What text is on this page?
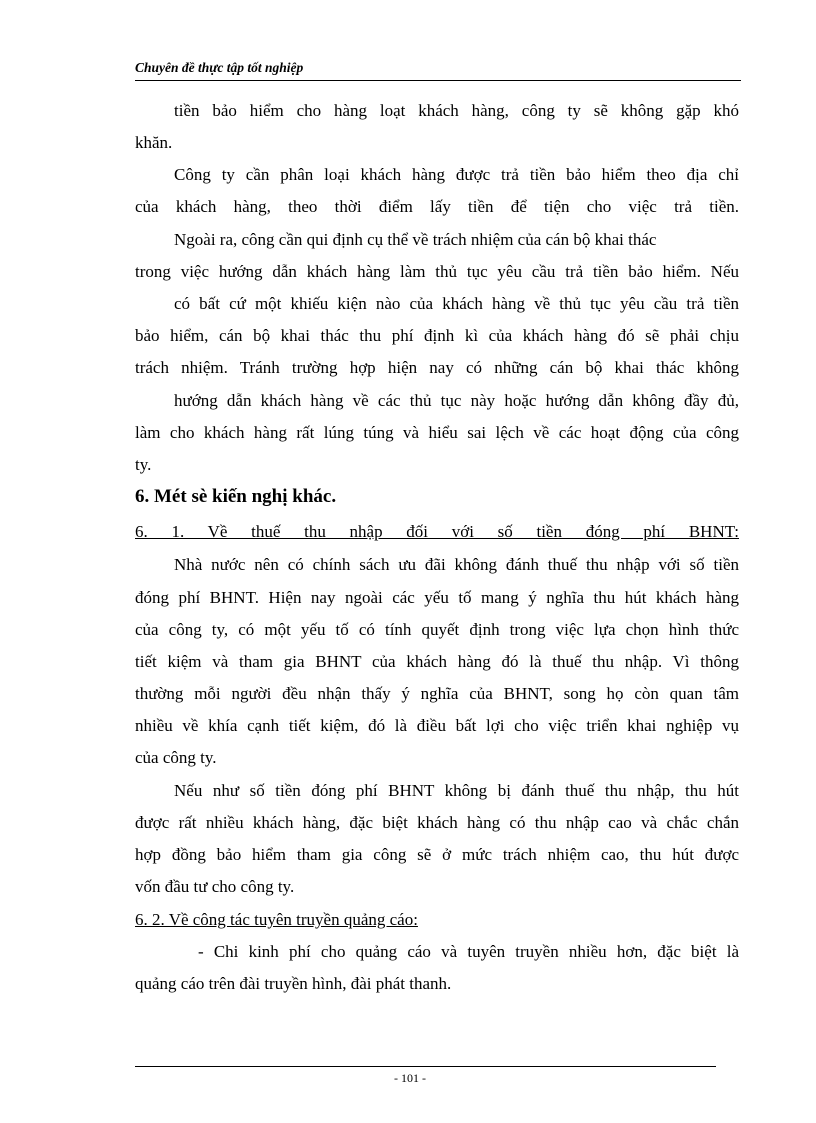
Chuyên đề thực tập tốt nghiệp
tiền bảo hiểm cho hàng loạt khách hàng, công ty sẽ không gặp khó
khăn.
Công ty cần phân loại khách hàng được trả tiền bảo hiểm theo địa chỉ
của khách hàng, theo thời điểm lấy tiền để tiện cho việc trả tiền.
Ngoài ra, công cần qui định cụ thể về trách nhiệm của cán bộ khai thác
trong việc hướng dẫn khách hàng làm thủ tục yêu cầu trả tiền bảo hiểm. Nếu
có bất cứ một khiếu kiện nào của khách hàng về thủ tục yêu cầu trả tiền
bảo hiểm, cán bộ khai thác thu phí định kì của khách hàng đó sẽ phải chịu
trách nhiệm. Tránh trường hợp hiện nay có những cán bộ khai thác không
hướng dẫn khách hàng về các thủ tục này hoặc hướng dẫn không đầy đủ,
làm cho khách hàng rất lúng túng và hiểu sai lệch về các hoạt động của công
ty.
6. Mét sè kiến nghị khác.
6. 1. Về thuế thu nhập đối với số tiền đóng phí BHNT:
Nhà nước nên có chính sách ưu đãi không đánh thuế thu nhập với số tiền
đóng phí BHNT. Hiện nay ngoài các yếu tố mang ý nghĩa thu hút khách hàng
của công ty, có một yếu tố có tính quyết định trong việc lựa chọn hình thức
tiết kiệm và tham gia BHNT của khách hàng đó là thuế thu nhập. Vì thông
thường mỗi người đều nhận thấy ý nghĩa của BHNT, song họ còn quan tâm
nhiều về khía cạnh tiết kiệm, đó là điều bất lợi cho việc triển khai nghiệp vụ
của công ty.
Nếu như số tiền đóng phí BHNT không bị đánh thuế thu nhập, thu hút
được rất nhiều khách hàng, đặc biệt khách hàng có thu nhập cao và chắc chắn
hợp đồng bảo hiểm tham gia công sẽ ở mức trách nhiệm cao, thu hút được
vốn đầu tư cho công ty.
6. 2. Về công tác tuyên truyền quảng cáo:
- Chi kinh phí cho quảng cáo và tuyên truyền nhiều hơn, đặc biệt là
quảng cáo trên đài truyền hình, đài phát thanh.
- 101 -
